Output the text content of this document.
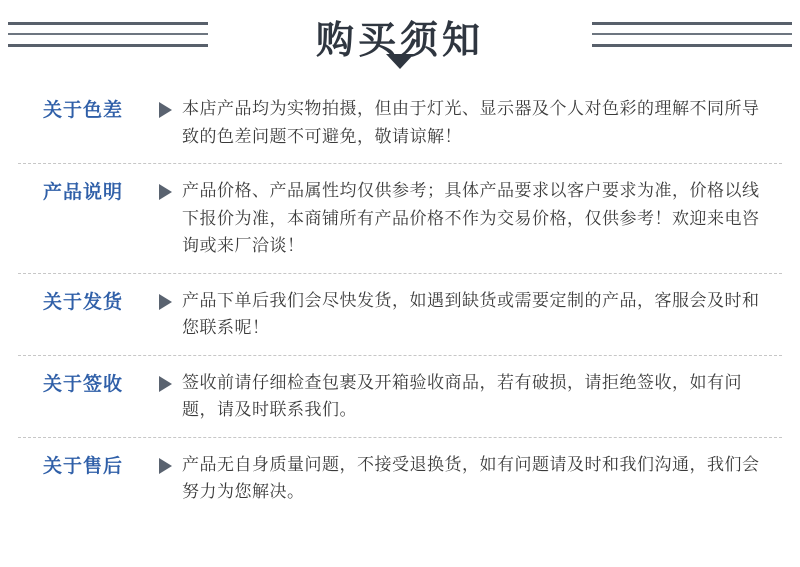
购买须知
关于色差	本店产品均为实物拍摄，但由于灯光、显示器及个人对色彩的理解不同所导致的色差问题不可避免，敬请谅解！
产品说明	产品价格、产品属性均仅供参考；具体产品要求以客户要求为准，价格以线下报价为准，本商铺所有产品价格不作为交易价格，仅供参考！欢迎来电咨询或来厂洽谈！
关于发货	产品下单后我们会尽快发货，如遇到缺货或需要定制的产品，客服会及时和您联系呢！
关于签收	签收前请仔细检查包裹及开箱验收商品，若有破损，请拒绝签收，如有问题，请及时联系我们。
关于售后	产品无自身质量问题，不接受退换货，如有问题请及时和我们沟通，我们会努力为您解决。
